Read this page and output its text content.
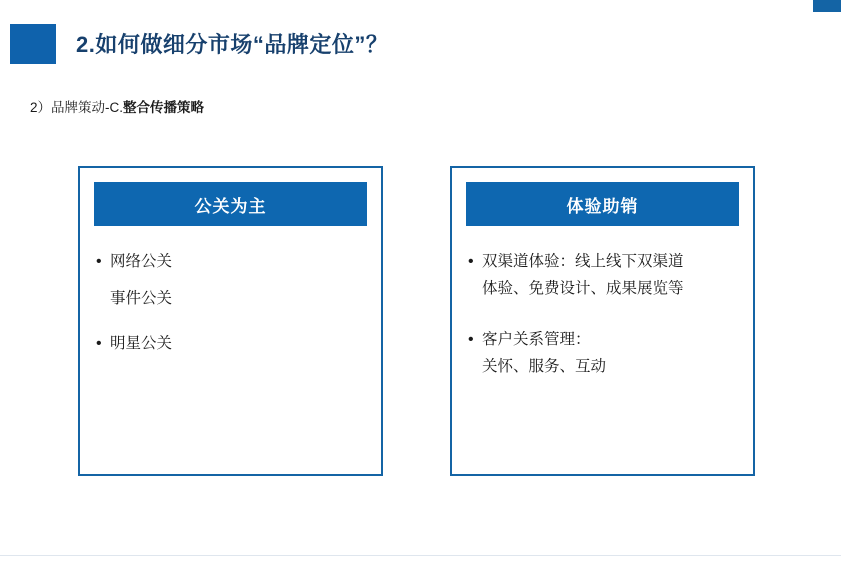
2.如何做细分市场“品牌定位”？
2）品牌策动-C.整合传播策略
公关为主
• 网络公关
事件公关
• 明星公关
体验助销
• 双渠道体验：线上线下双渠道
体验、免费设计、成果展览等
• 客户关系管理：
关怀、服务、互动
